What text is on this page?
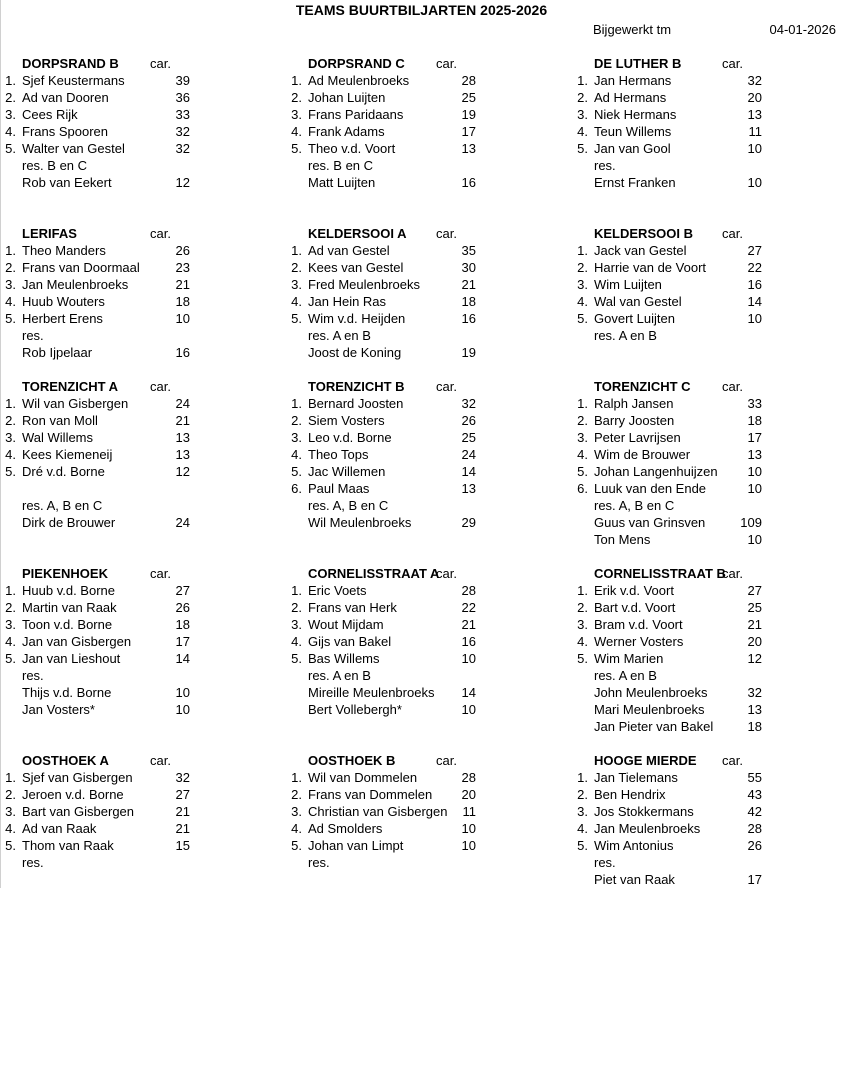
TEAMS BUURTBILJARTEN 2025-2026
Bijgewerkt tm	04-01-2026
DORPSRAND B car.
1. Sjef Keustermans	39
2. Ad van Dooren	36
3. Cees Rijk	33
4. Frans Spooren	32
5. Walter van Gestel	32
res. B en C
Rob van Eekert	12
DORPSRAND C car.
1. Ad Meulenbroeks	28
2. Johan Luijten	25
3. Frans Paridaans	19
4. Frank Adams	17
5. Theo v.d. Voort	13
res. B en C
Matt Luijten	16
DE LUTHER B	car.
1. Jan Hermans	32
2. Ad Hermans	20
3. Niek Hermans	13
4. Teun Willems	11
5. Jan van Gool	10
res.
Ernst Franken	10
LERIFAS	car.
1. Theo Manders	26
2. Frans van Doormaal	23
3. Jan Meulenbroeks	21
4. Huub Wouters	18
5. Herbert Erens	10
res.
Rob Ijpelaar	16
KELDERSOOI A car.
1. Ad van Gestel	35
2. Kees van Gestel	30
3. Fred Meulenbroeks	21
4. Jan Hein Ras	18
5. Wim v.d. Heijden	16
res. A en B
Joost de Koning	19
KELDERSOOI B car.
1. Jack van Gestel	27
2. Harrie van de Voort	22
3. Wim Luijten	16
4. Wal van Gestel	14
5. Govert Luijten	10
res. A en B
TORENZICHT A car.
1. Wil van Gisbergen	24
2. Ron van Moll	21
3. Wal Willems	13
4. Kees Kiemeneij	13
5. Dré v.d. Borne	12
res. A, B en C
Dirk de Brouwer	24
TORENZICHT B car.
1. Bernard Joosten	32
2. Siem Vosters	26
3. Leo v.d. Borne	25
4. Theo Tops	24
5. Jac Willemen	14
6. Paul Maas	13
res. A, B en C
Wil Meulenbroeks	29
TORENZICHT C car.
1. Ralph Jansen	33
2. Barry Joosten	18
3. Peter Lavrijsen	17
4. Wim de Brouwer	13
5. Johan Langenhuijzen	10
6. Luuk van den Ende	10
res. A, B en C
Guus van Grinsven	109
Ton Mens	10
PIEKENHOEK	car.
1. Huub v.d. Borne	27
2. Martin van Raak	26
3. Toon v.d. Borne	18
4. Jan van Gisbergen	17
5. Jan van Lieshout	14
res.
Thijs v.d. Borne	10
Jan Vosters*	10
CORNELISSTRAAT A
car.
1. Eric Voets	28
2. Frans van Herk	22
3. Wout Mijdam	21
4. Gijs van Bakel	16
5. Bas Willems	10
res. A en B
Mireille Meulenbroeks	14
Bert Vollebergh*	10
CORNELISSTRAAT B
car.
1. Erik v.d. Voort	27
2. Bart v.d. Voort	25
3. Bram v.d. Voort	21
4. Werner Vosters	20
5. Wim Marien	12
res. A en B
John Meulenbroeks	32
Mari Meulenbroeks	13
Jan Pieter van Bakel	18
OOSTHOEK A	car.
1. Sjef van Gisbergen	32
2. Jeroen v.d. Borne	27
3. Bart van Gisbergen	21
4. Ad van Raak	21
5. Thom van Raak	15
res.
OOSTHOEK B	car.
1. Wil van Dommelen	28
2. Frans van Dommelen	20
3. Christian van Gisbergen	11
4. Ad Smolders	10
5. Johan van Limpt	10
res.
HOOGE MIERDE car.
1. Jan Tielemans	55
2. Ben Hendrix	43
3. Jos Stokkermans	42
4. Jan Meulenbroeks	28
5. Wim Antonius	26
res.
Piet van Raak	17
